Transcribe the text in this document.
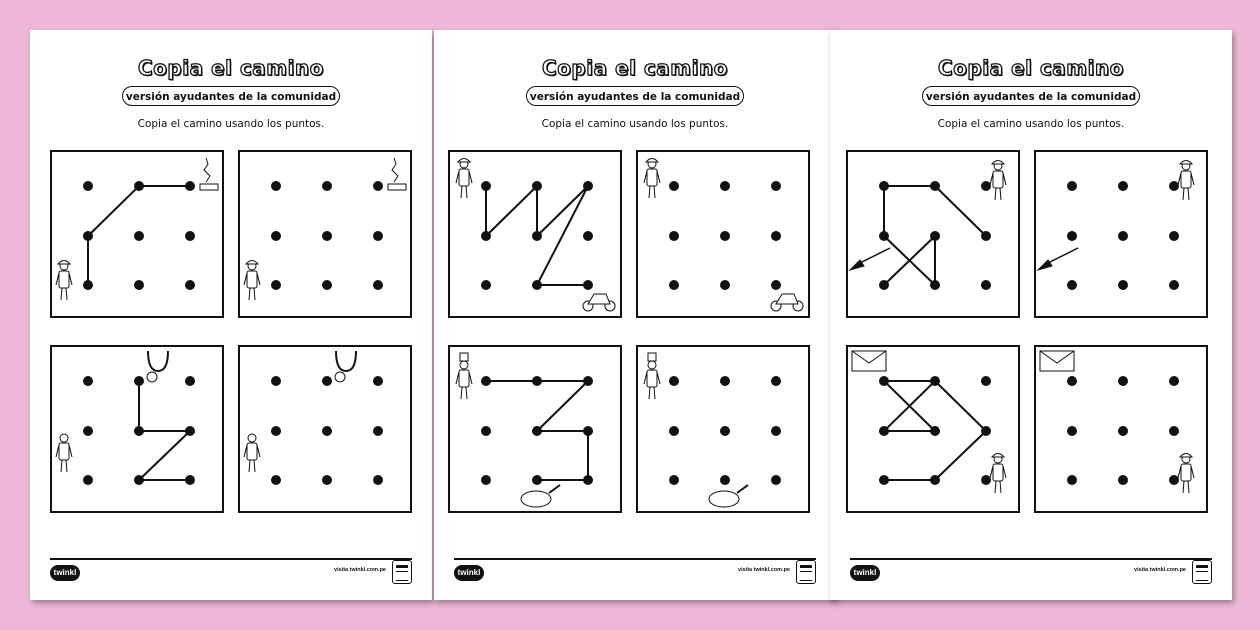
Copia el camino
versión ayudantes de la comunidad
Copia el camino usando los puntos.
twinkl	visita twinkl.com.pe
Copia el camino
versión ayudantes de la comunidad
Copia el camino usando los puntos.
twinkl	visita twinkl.com.pe
Copia el camino
versión ayudantes de la comunidad
Copia el camino usando los puntos.
twinkl	visita twinkl.com.pe
